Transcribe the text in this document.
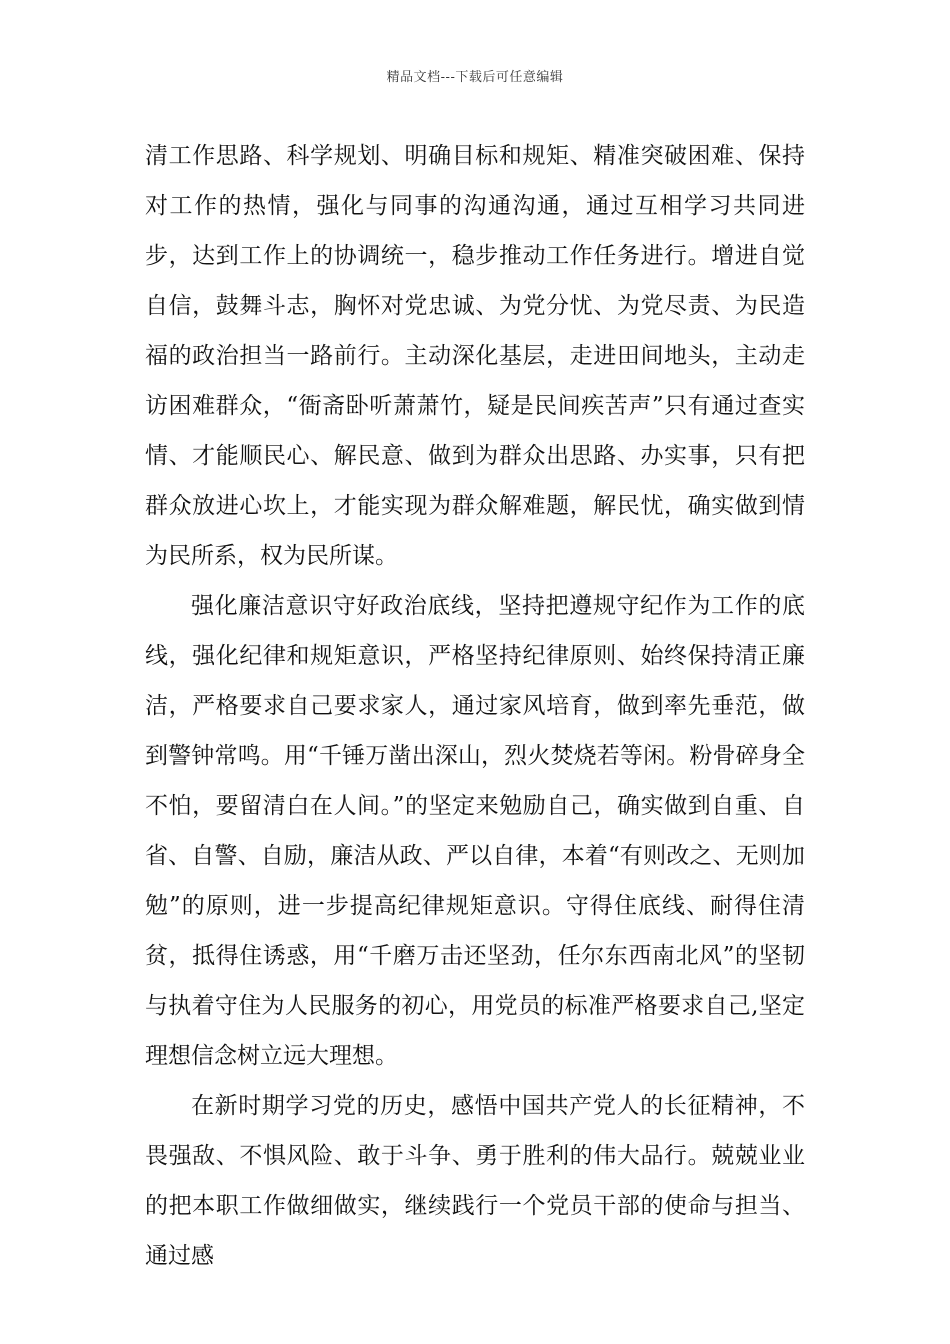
精品文档---下载后可任意编辑

清工作思路、科学规划、明确目标和规矩、精准突破困难、保持对工作的热情，强化与同事的沟通沟通，通过互相学习共同进步，达到工作上的协调统一，稳步推动工作任务进行。增进自觉自信，鼓舞斗志，胸怀对党忠诚、为党分忧、为党尽责、为民造福的政治担当一路前行。主动深化基层，走进田间地头，主动走访困难群众，“衙斋卧听萧萧竹，疑是民间疾苦声”只有通过查实情、才能顺民心、解民意、做到为群众出思路、办实事，只有把群众放进心坎上，才能实现为群众解难题，解民忧，确实做到情为民所系，权为民所谋。

强化廉洁意识守好政治底线，坚持把遵规守纪作为工作的底线，强化纪律和规矩意识，严格坚持纪律原则、始终保持清正廉洁，严格要求自己要求家人，通过家风培育，做到率先垂范，做到警钟常鸣。用“千锤万凿出深山，烈火焚烧若等闲。粉骨碎身全不怕，要留清白在人间。”的坚定来勉励自己，确实做到自重、自省、自警、自励，廉洁从政、严以自律，本着“有则改之、无则加勉”的原则，进一步提高纪律规矩意识。守得住底线、耐得住清贫，抵得住诱惑，用“千磨万击还坚劲，任尔东西南北风”的坚韧与执着守住为人民服务的初心，用党员的标准严格要求自己,坚定理想信念树立远大理想。

在新时期学习党的历史，感悟中国共产党人的长征精神，不畏强敌、不惧风险、敢于斗争、勇于胜利的伟大品行。兢兢业业的把本职工作做细做实，继续践行一个党员干部的使命与担当、通过感
